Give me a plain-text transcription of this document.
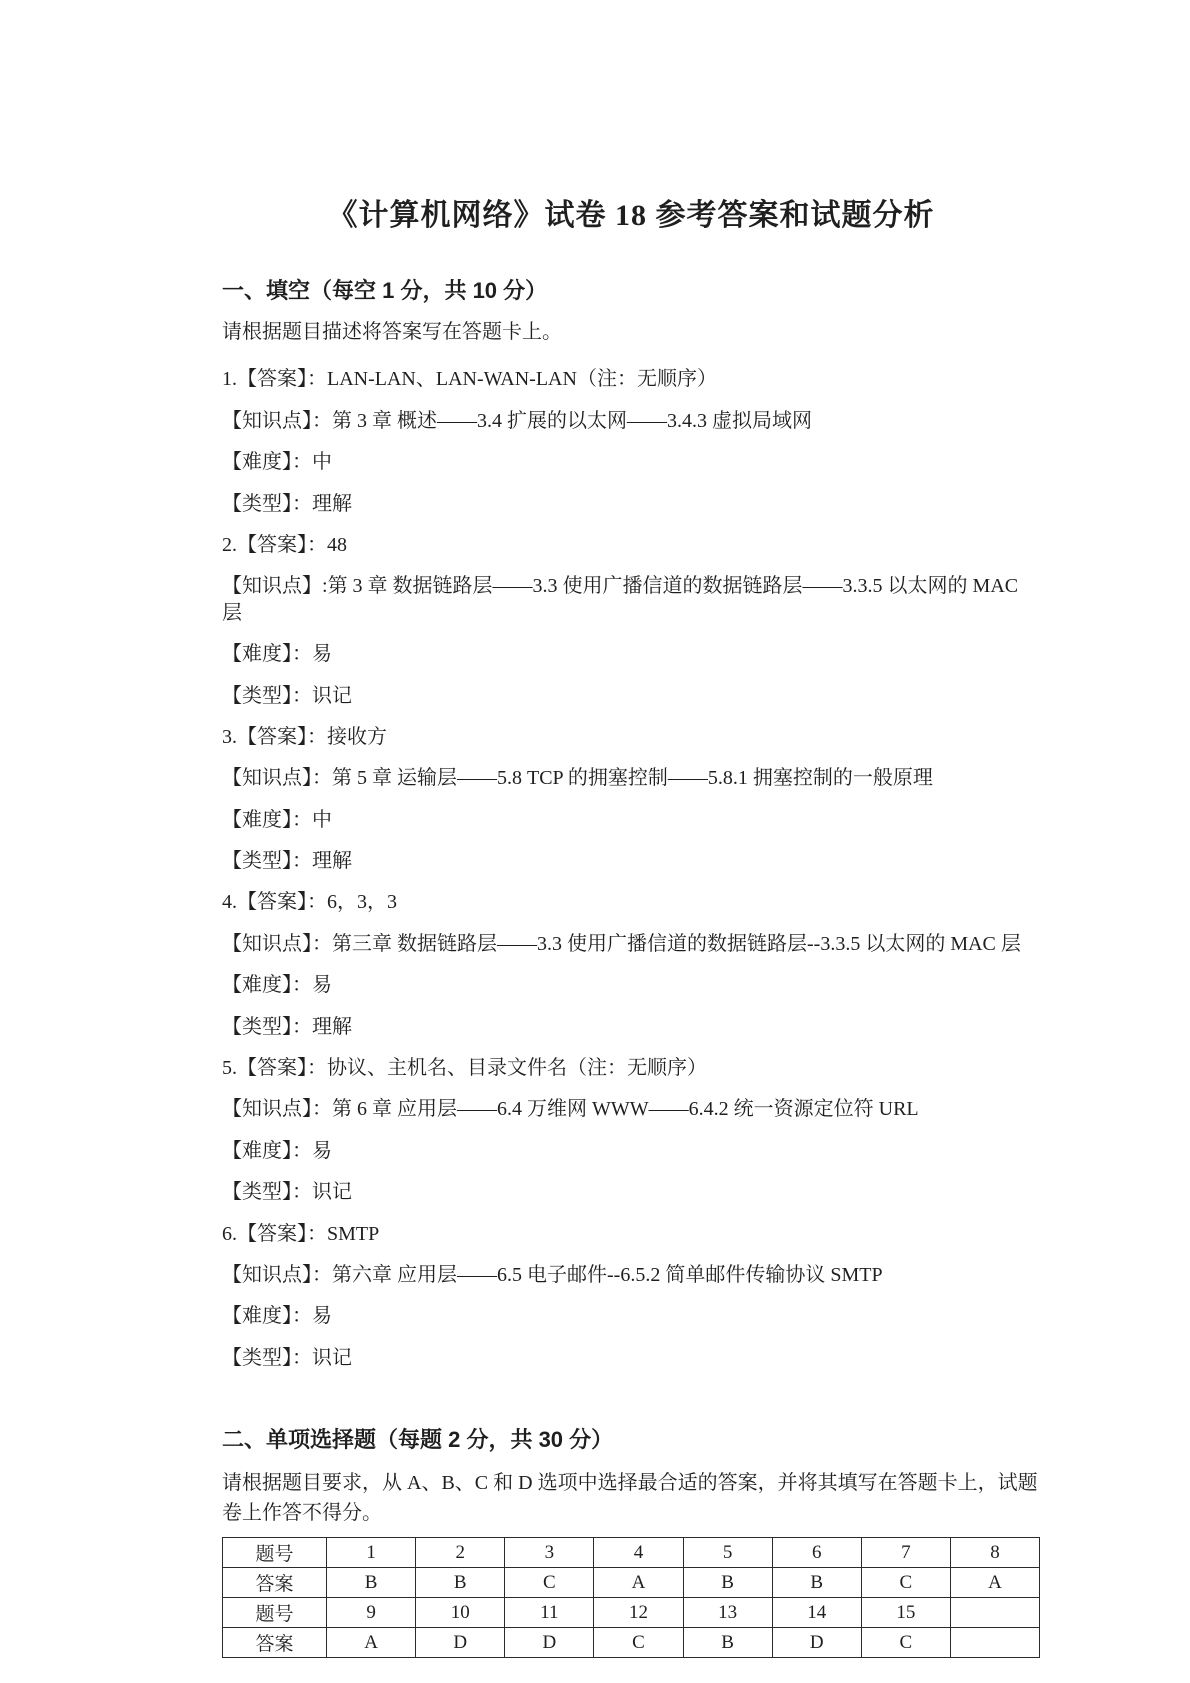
《计算机网络》试卷 18 参考答案和试题分析
一、填空（每空 1 分，共 10 分）

请根据题目描述将答案写在答题卡上。

1.【答案】：LAN-LAN、LAN-WAN-LAN（注：无顺序）

【知识点】：第 3 章 概述——3.4 扩展的以太网——3.4.3 虚拟局域网

【难度】：中

【类型】：理解

2.【答案】：48

【知识点】:第 3 章 数据链路层——3.3 使用广播信道的数据链路层——3.3.5 以太网的 MAC 层

【难度】：易

【类型】：识记

3.【答案】：接收方

【知识点】：第 5 章 运输层——5.8 TCP 的拥塞控制——5.8.1 拥塞控制的一般原理

【难度】：中

【类型】：理解

4.【答案】：6，3，3

【知识点】：第三章 数据链路层——3.3 使用广播信道的数据链路层--3.3.5 以太网的 MAC 层

【难度】：易

【类型】：理解

5.【答案】：协议、主机名、目录文件名（注：无顺序）

【知识点】：第 6 章 应用层——6.4 万维网 WWW——6.4.2 统一资源定位符 URL

【难度】：易

【类型】：识记

6.【答案】：SMTP

【知识点】：第六章 应用层——6.5 电子邮件--6.5.2 简单邮件传输协议 SMTP

【难度】：易

【类型】：识记

二、单项选择题（每题 2 分，共 30 分）

请根据题目要求，从 A、B、C 和 D 选项中选择最合适的答案，并将其填写在答题卡上，试题卷上作答不得分。

题号	1	2	3	4	5	6	7	8
答案	B	B	C	A	B	B	C	A
题号	9	10	11	12	13	14	15	
答案	A	D	D	C	B	D	C	
